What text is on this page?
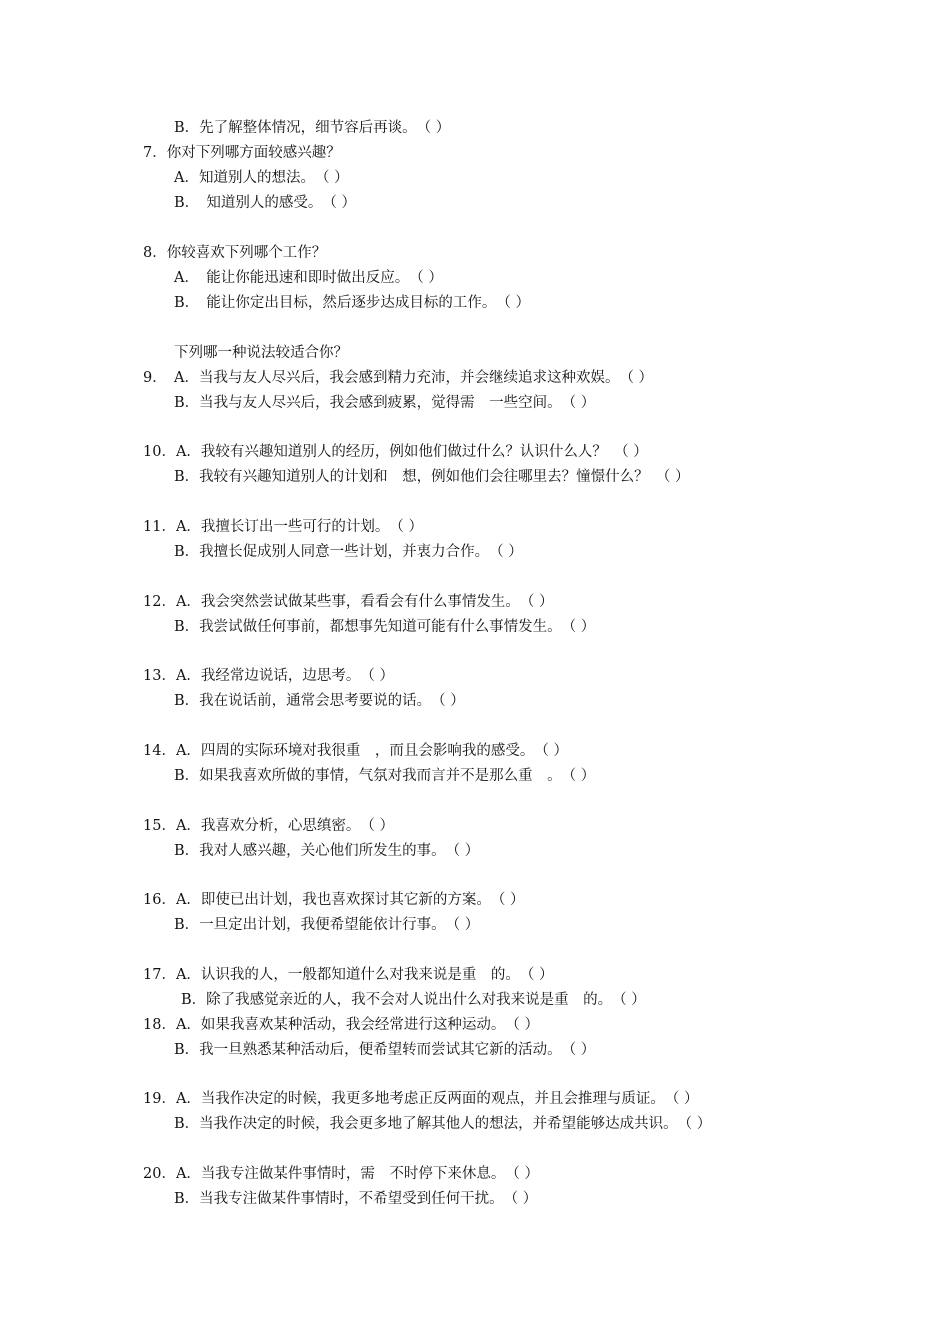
B．先了解整体情况，细节容后再谈。　（ ）
7．你对下列哪方面较感兴趣？
A．知道别人的想法。　（ ）
B．　知道别人的感受。　（ ）
8．你较喜欢下列哪个工作？
A．　能让你能迅速和即时做出反应。　（ ）
B．　能让你定出目标，然后逐步达成目标的工作。　（ ）
下列哪一种说法较适合你？
9．　A．当我与友人尽兴后，我会感到精力充沛，并会继续追求这种欢娱。　（ ）
B．当我与友人尽兴后，我会感到疲累，觉得需　一些空间。　（ ）
10．A．我较有兴趣知道别人的经历，例如他们做过什么？认识什么人？　（ ）
B．我较有兴趣知道别人的计划和　想，例如他们会往哪里去？憧憬什么？　（ ）
11．A．我擅长订出一些可行的计划。　（ ）
B．我擅长促成别人同意一些计划，并衷力合作。　（ ）
12．A．我会突然尝试做某些事，看看会有什么事情发生。　（ ）
B．我尝试做任何事前，都想事先知道可能有什么事情发生。　（ ）
13．A．我经常边说话，边思考。　（ ）
B．我在说话前，通常会思考要说的话。　（ ）
14．A．四周的实际环境对我很重　，而且会影响我的感受。　（ ）
B．如果我喜欢所做的事情，气氛对我而言并不是那么重　。　（ ）
15．A．我喜欢分析，心思缜密。　（ ）
B．我对人感兴趣，关心他们所发生的事。　（ ）
16．A．即使已出计划，我也喜欢探讨其它新的方案。　（ ）
B．一旦定出计划，我便希望能依计行事。　（ ）
17．A．认识我的人，一般都知道什么对我来说是重　的。　（ ）
B．除了我感觉亲近的人，我不会对人说出什么对我来说是重　的。　（ ）
18．A．如果我喜欢某种活动，我会经常进行这种运动。　（ ）
B．我一旦熟悉某种活动后，便希望转而尝试其它新的活动。　（ ）
19．A．当我作决定的时候，我更多地考虑正反两面的观点，并且会推理与质证。　（ ）
B．当我作决定的时候，我会更多地了解其他人的想法，并希望能够达成共识。　（ ）
20．A．当我专注做某件事情时，需　不时停下来休息。　（ ）
B．当我专注做某件事情时，不希望受到任何干扰。　（ ）
